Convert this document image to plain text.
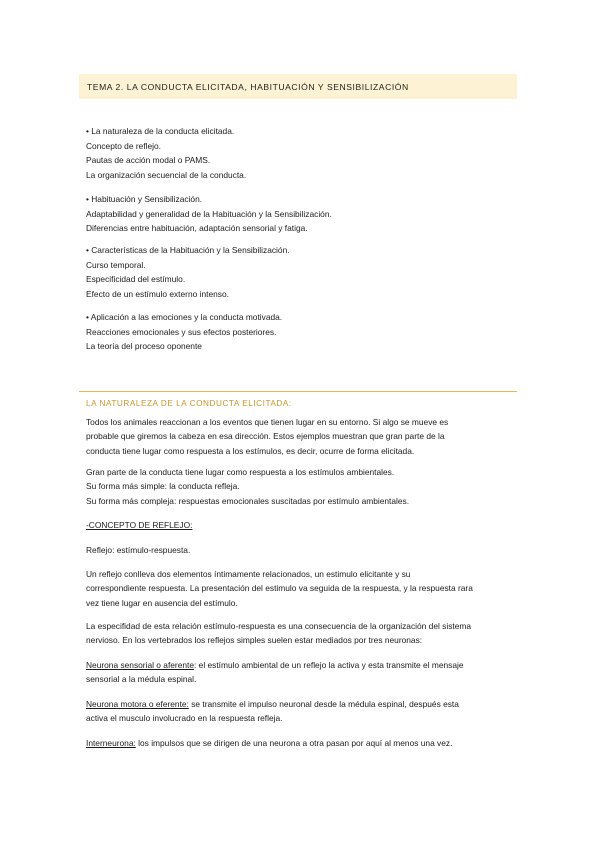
TEMA 2. LA CONDUCTA ELICITADA, HABITUACIÓN Y SENSIBILIZACIÓN
• La naturaleza de la conducta elicitada.
Concepto de reflejo.
Pautas de acción modal o PAMS.
La organización secuencial de la conducta.
• Habituación y Sensibilización.
Adaptabilidad y generalidad de la Habituación y la Sensibilización.
Diferencias entre habituación, adaptación sensorial y fatiga.
• Características de la Habituación y la Sensibilización.
Curso temporal.
Especificidad del estímulo.
Efecto de un estímulo externo intenso.
• Aplicación a las emociones y la conducta motivada.
Reacciones emocionales y sus efectos posteriores.
La teoría del proceso oponente
LA NATURALEZA DE LA CONDUCTA ELICITADA:
Todos los animales reaccionan a los eventos que tienen lugar en su entorno. Si algo se mueve es
probable que giremos la cabeza en esa dirección. Estos ejemplos muestran que gran parte de la
conducta tiene lugar como respuesta a los estímulos, es decir, ocurre de forma elicitada.
Gran parte de la conducta tiene lugar como respuesta a los estímulos ambientales.
Su forma más simple: la conducta refleja.
Su forma más compleja: respuestas emocionales suscitadas por estímulo ambientales.
-CONCEPTO DE REFLEJO:
Reflejo: estímulo-respuesta.
Un reflejo conlleva dos elementos íntimamente relacionados, un estimulo elicitante y su
correspondiente respuesta. La presentación del estimulo va seguida de la respuesta, y la respuesta rara
vez tiene lugar en ausencia del estímulo.
La especifidad de esta relación estímulo-respuesta es una consecuencia de la organización del sistema
nervioso. En los vertebrados los reflejos simples suelen estar mediados por tres neuronas:
Neurona sensorial o aferente: el estímulo ambiental de un reflejo la activa y esta transmite el mensaje
sensorial a la médula espinal.
Neurona motora o eferente: se transmite el impulso neuronal desde la médula espinal, después esta
activa el musculo involucrado en la respuesta refleja.
Interneurona: los impulsos que se dirigen de una neurona a otra pasan por aquí al menos una vez.
